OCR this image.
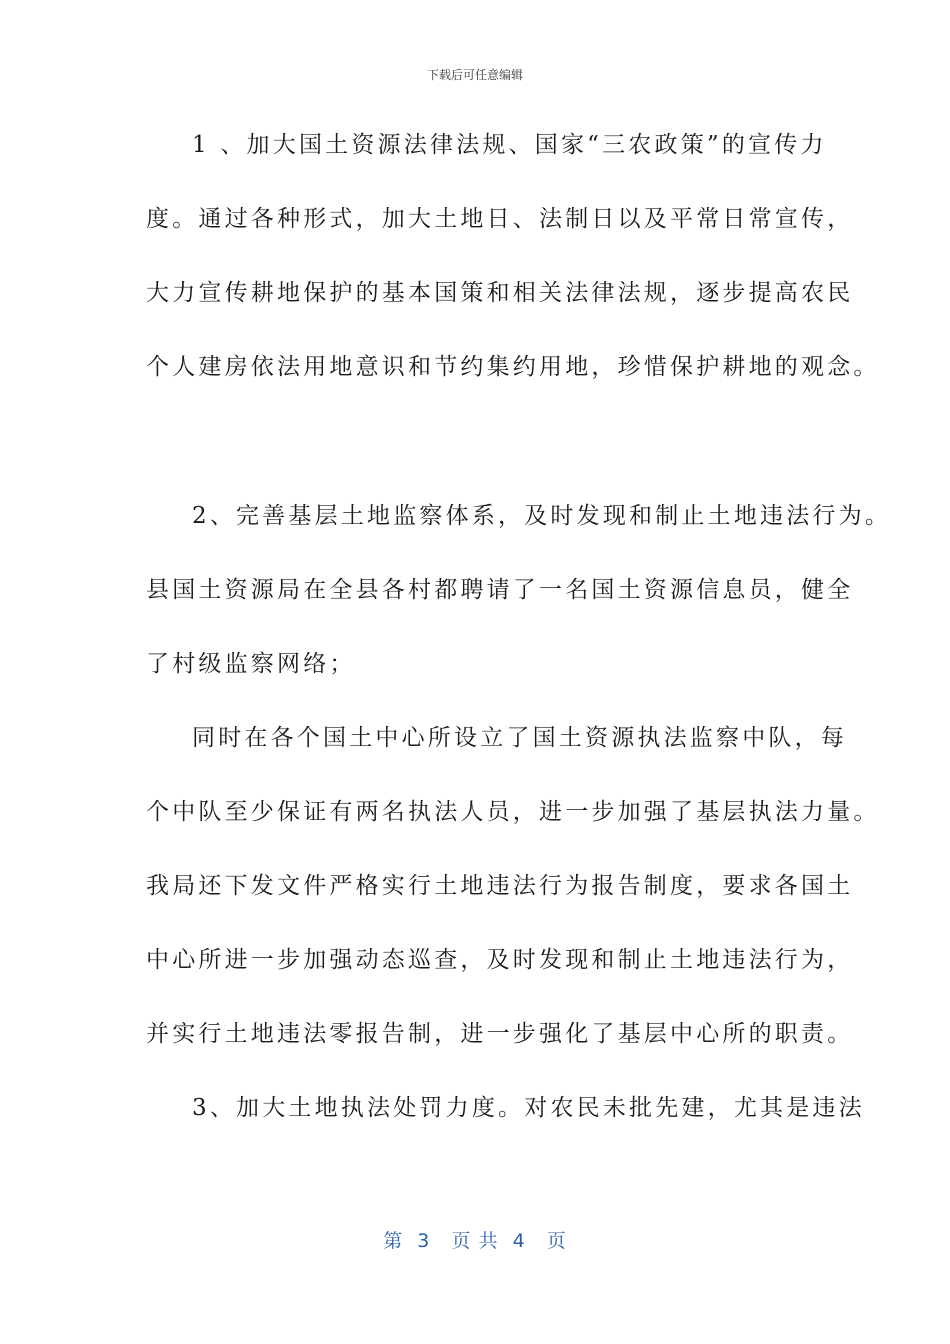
下载后可任意编辑
1 、加大国土资源法律法规、国家“三农政策”的宣传力
度。通过各种形式，加大土地日、法制日以及平常日常宣传，
大力宣传耕地保护的基本国策和相关法律法规，逐步提高农民
个人建房依法用地意识和节约集约用地，珍惜保护耕地的观念。
2、完善基层土地监察体系，及时发现和制止土地违法行为。
县国土资源局在全县各村都聘请了一名国土资源信息员，健全
了村级监察网络；
同时在各个国土中心所设立了国土资源执法监察中队，每
个中队至少保证有两名执法人员，进一步加强了基层执法力量。
我局还下发文件严格实行土地违法行为报告制度，要求各国土
中心所进一步加强动态巡查，及时发现和制止土地违法行为，
并实行土地违法零报告制，进一步强化了基层中心所的职责。
3、加大土地执法处罚力度。对农民未批先建，尤其是违法
第  3   页 共  4   页
